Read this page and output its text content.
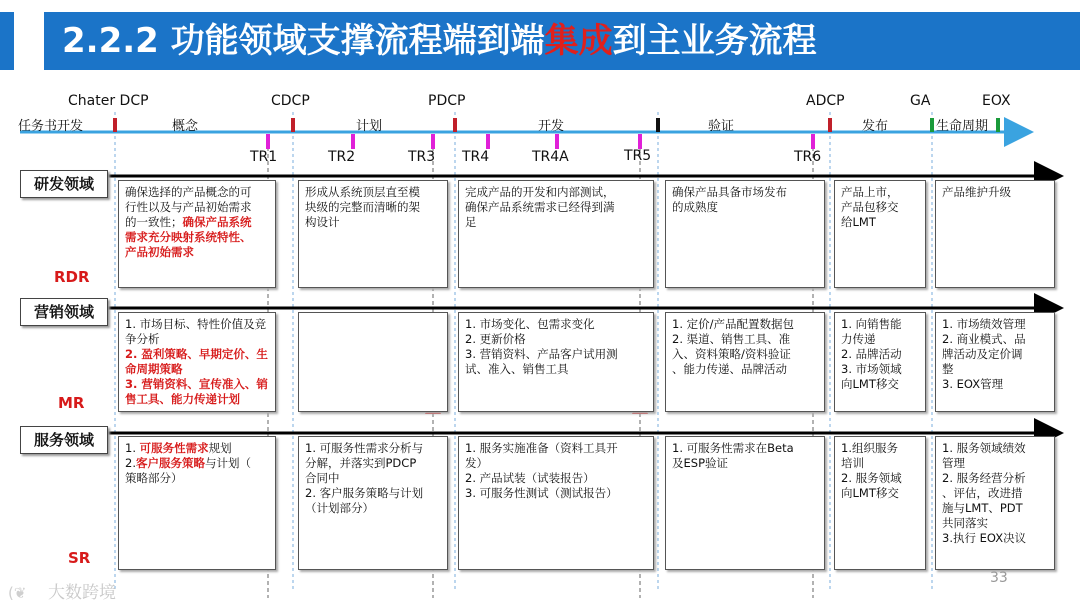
2.2.2 功能领域支撑流程端到端集成到主业务流程
Chater DCP	CDCP	PDCP	ADCP	GA	EOX
任务书开发	概念	计划	开发	验证	发布	生命周期
TR1	TR2	TR3 TR4	TR4A	TR5	TR6
研发领域
营销领域
服务领域
RDR
MR
SR
确保选择的产品概念的可
行性以及与产品初始需求
的一致性；确保产品系统
需求充分映射系统特性、
产品初始需求
形成从系统顶层直至模
块级的完整而清晰的架
构设计
完成产品的开发和内部测试，
确保产品系统需求已经得到满
足
确保产品具备市场发布
的成熟度
产品上市，
产品包移交
给LMT
产品维护升级
1. 市场目标、特性价值及竞争分析
2. 盈利策略、早期定价、生命周期策略
3. 营销资料、宣传准入、销售工具、能力传递计划
1. 市场变化、包需求变化
2. 更新价格
3. 营销资料、产品客户试用测
试、准入、销售工具
1. 定价/产品配置数据包
2. 渠道、销售工具、准
入、资料策略/资料验证
、能力传递、品牌活动
1. 向销售能
力传递
2. 品牌活动
3. 市场领域
向LMT移交
1. 市场绩效管理
2. 商业模式、品
牌活动及定价调
整
3. EOX管理
1. 可服务性需求规划
2.客户服务策略与计划（
策略部分）
1. 可服务性需求分析与
分解，并落实到PDCP
合同中
2. 客户服务策略与计划
（计划部分）
1. 服务实施准备（资料工具开
发）
2. 产品试装（试装报告）
3. 可服务性测试（测试报告）
1. 可服务性需求在Beta
及ESP验证
1.组织服务
培训
2. 服务领域
向LMT移交
1. 服务领域绩效
管理
2. 服务经营分析
、评估，改进措
施与LMT、PDT
共同落实
3.执行 EOX决议
33
(❦ 大数跨境
